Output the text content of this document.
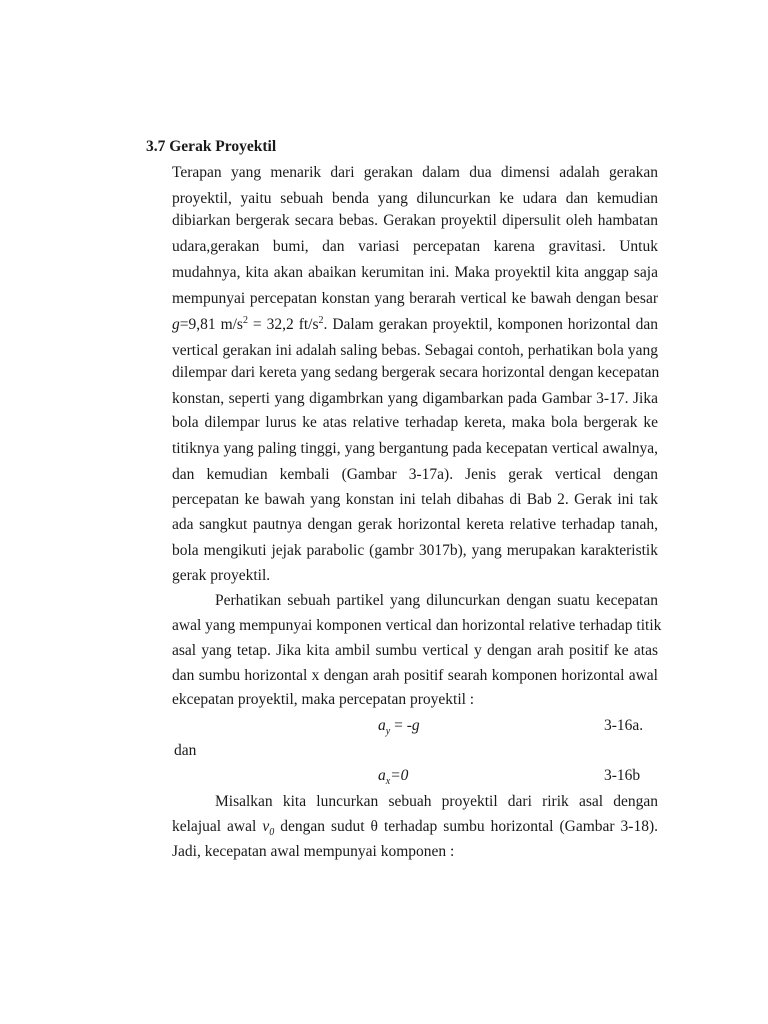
3.7 Gerak Proyektil
Terapan yang menarik dari gerakan dalam dua dimensi adalah gerakan
proyektil, yaitu sebuah benda yang diluncurkan ke udara dan kemudian
dibiarkan bergerak secara bebas. Gerakan proyektil dipersulit oleh hambatan
udara,gerakan bumi, dan variasi percepatan karena gravitasi. Untuk
mudahnya, kita akan abaikan kerumitan ini. Maka proyektil kita anggap saja
mempunyai percepatan konstan yang berarah vertical ke bawah dengan besar
g=9,81 $m/s^2 = 32,2$ $ft/s^2$. Dalam gerakan proyektil, komponen horizontal dan
vertical gerakan ini adalah saling bebas. Sebagai contoh, perhatikan bola yang
dilempar dari kereta yang sedang bergerak secara horizontal dengan kecepatan
konstan, seperti yang digambrkan yang digambarkan pada Gambar 3-17. Jika
bola dilempar lurus ke atas relative terhadap kereta, maka bola bergerak ke
titiknya yang paling tinggi, yang bergantung pada kecepatan vertical awalnya,
dan kemudian kembali (Gambar 3-17a). Jenis gerak vertical dengan
percepatan ke bawah yang konstan ini telah dibahas di Bab 2. Gerak ini tak
ada sangkut pautnya dengan gerak horizontal kereta relative terhadap tanah,
bola mengikuti jejak parabolic (gambr 3017b), yang merupakan karakteristik
gerak proyektil.
Perhatikan sebuah partikel yang diluncurkan dengan suatu kecepatan
awal yang mempunyai komponen vertical dan horizontal relative terhadap titik
asal yang tetap. Jika kita ambil sumbu vertical y dengan arah positif ke atas
dan sumbu horizontal x dengan arah positif searah komponen horizontal awal
ekcepatan proyektil, maka percepatan proyektil :
$a_y = -g$	3-16a.
dan
$a_x=0$	3-16b
Misalkan kita luncurkan sebuah proyektil dari ririk asal dengan
kelajual awal $v_0$ dengan sudut θ terhadap sumbu horizontal (Gambar 3-18).
Jadi, kecepatan awal mempunyai komponen :
